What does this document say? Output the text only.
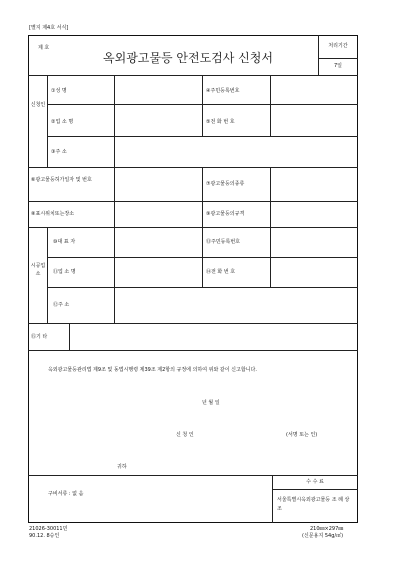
[별지 제4호 서식]
제 호
옥외광고물등 안전도검사 신청서
처리기간
7일
신청인
①성 명	④주민등록번호
②업 소 명	⑤전 화 번 호
③주 소
⑥광고물등허가일자 및 번호
⑦광고물등의종류
⑧표시위치또는장소	⑨광고물등의규격
시공업소
⑩대 표 자	⑬주민등록번호
⑪업 소 명	⑭전 화 번 호
⑫주 소
⑮기 타
옥외광고물등관리법 제9조 및 동법시행령 제39조 제2항의 규정에 의하여 위와 같이 신고합니다.
년 월 일
신 청 인	(서명 또는 인)
귀하
구비서류 : 없 음
수 수 료
서울특별시옥외광고물등 조 례 상 조
21026-30011민
90.12. 8승인
210㎜×297㎜
(신문용지 54g/㎡)
